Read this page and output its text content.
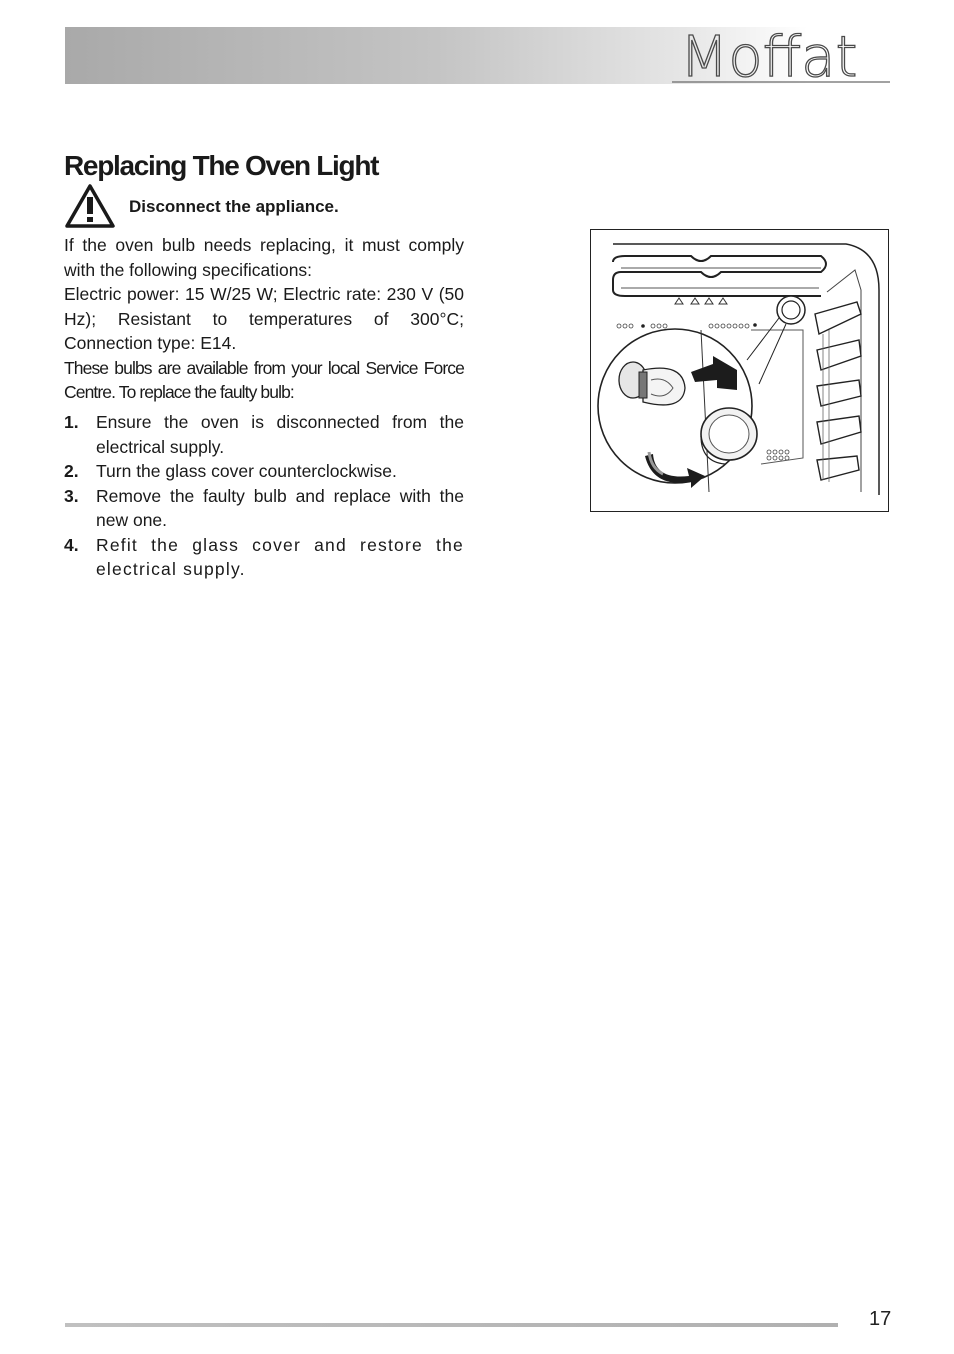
Moffat
Replacing The Oven Light
Disconnect the appliance.

If the oven bulb needs replacing, it must comply with the following specifications:

Electric power: 15 W/25 W; Electric rate: 230 V (50 Hz); Resistant to temperatures of 300°C; Connection type: E14.

These bulbs are available from your local Service Force Centre. To replace the faulty bulb:

1. Ensure the oven is disconnected from the electrical supply.
2. Turn the glass cover counterclockwise.
3. Remove the faulty bulb and replace with the new one.
4. Refit the glass cover and restore the electrical supply.
17
